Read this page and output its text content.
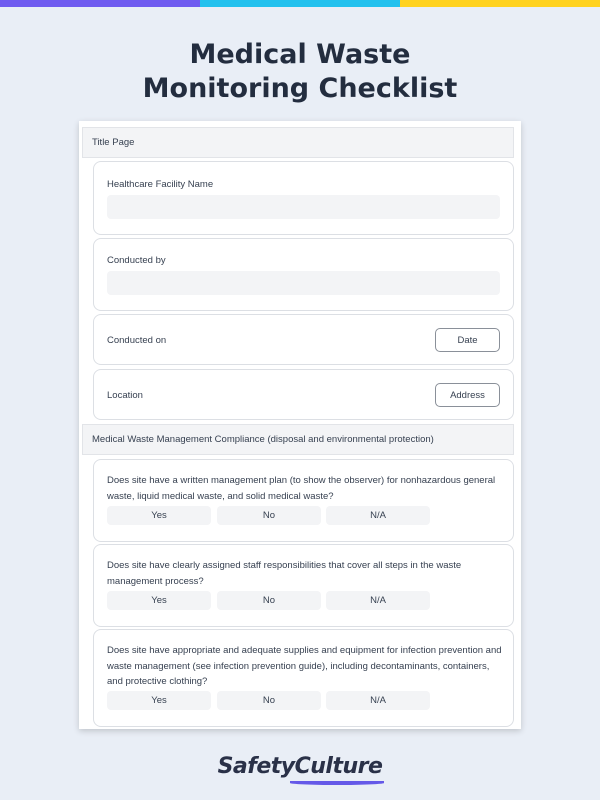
Medical Waste
Monitoring Checklist
Title Page
Healthcare Facility Name
Conducted by
Conducted on	Date
Location	Address
Medical Waste Management Compliance (disposal and environmental protection)
Does site have a written management plan (to show the observer) for nonhazardous general waste, liquid medical waste, and solid medical waste?
Yes	No	N/A
Does site have clearly assigned staff responsibilities that cover all steps in the waste management process?
Yes	No	N/A
Does site have appropriate and adequate supplies and equipment for infection prevention and waste management (see infection prevention guide), including decontaminants, containers, and protective clothing?
Yes	No	N/A
SafetyCulture
